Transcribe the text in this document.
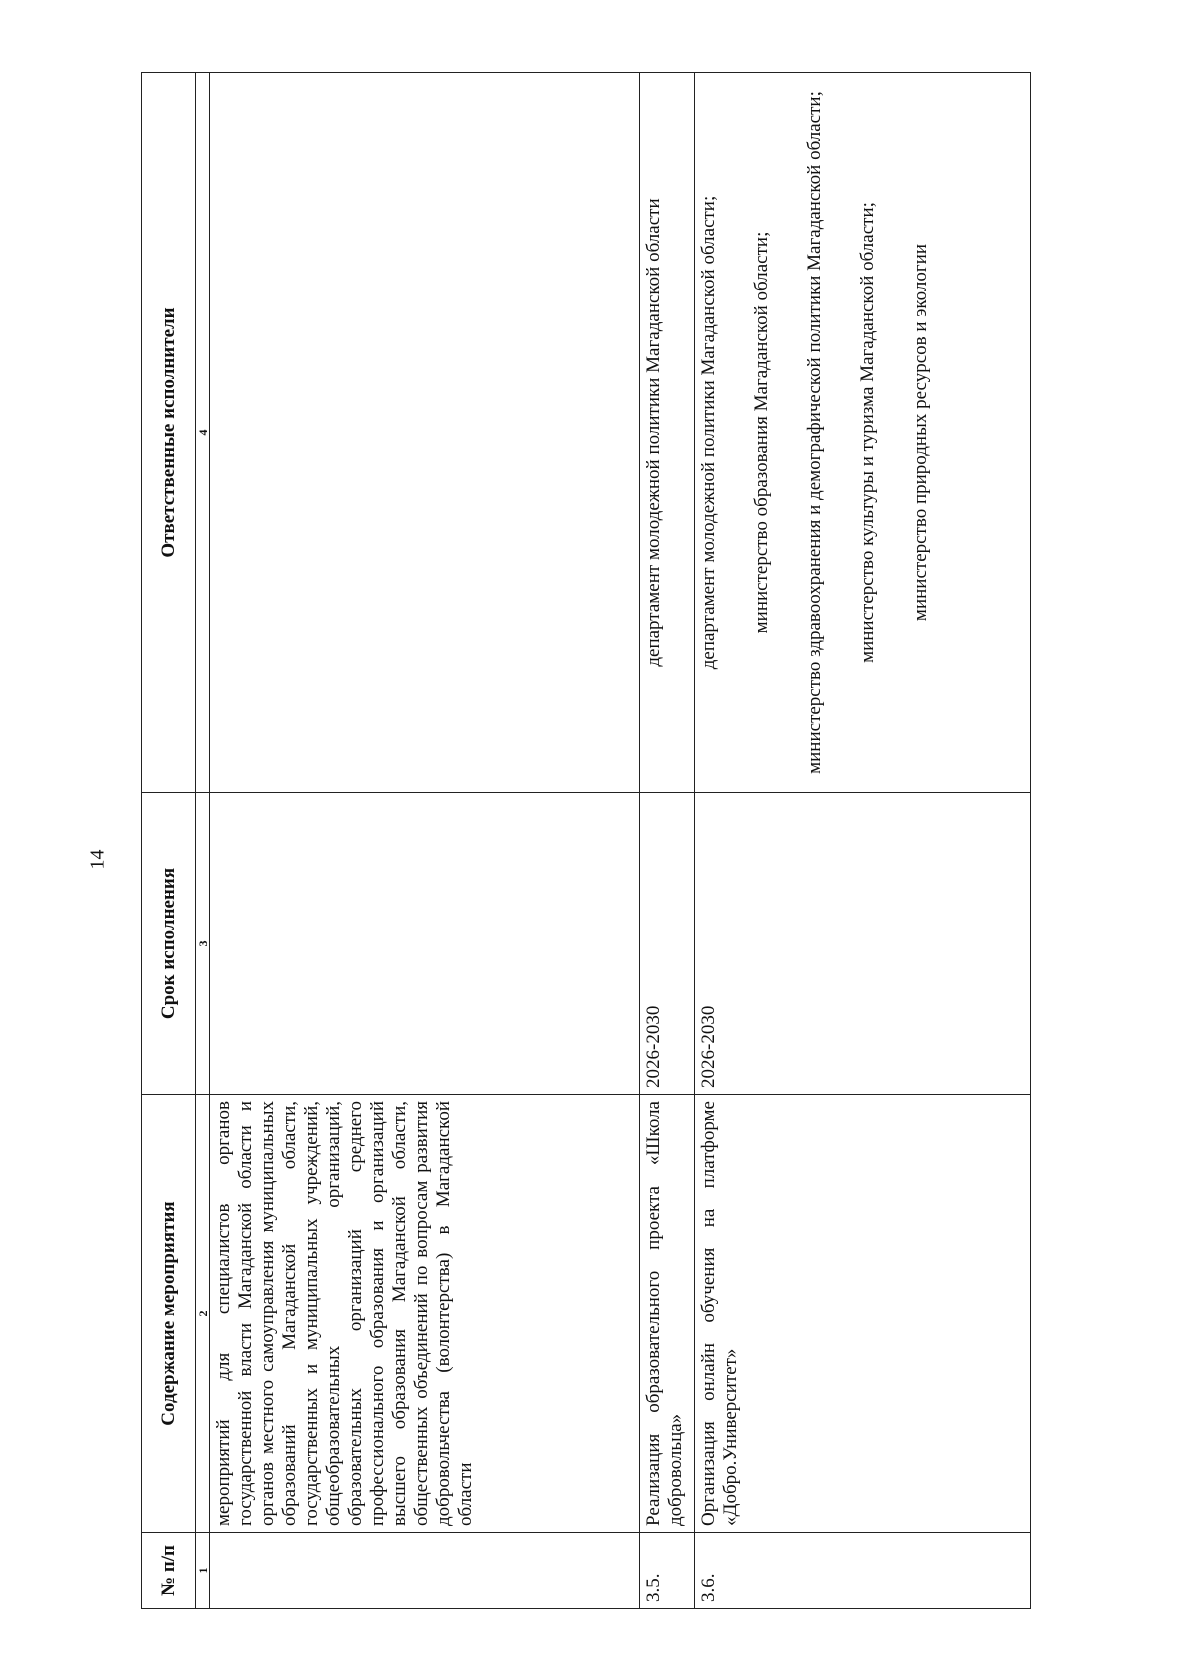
14
№ п/п	Содержание мероприятия	Срок исполнения	Ответственные исполнители
1	2	3	4
	мероприятий для специалистов органов государственной власти Магаданской области и органов местного самоуправления муниципальных образований Магаданской области, государственных и муниципальных учреждений, общеобразовательных организаций, образовательных организаций среднего профессионального образования и организаций высшего образования Магаданской области, общественных объединений по вопросам развития добровольчества (волонтерства) в Магаданской области		
3.5.	Реализация образовательного проекта «Школа добровольца»	2026-2030	департамент молодежной политики Магаданской области

3.6.	Организация онлайн обучения на платформе «Добро.Университет»	2026-2030	департамент молодежной политики Магаданской области; министерство образования Магаданской области; министерство здравоохранения и демографической политики Магаданской области; министерство культуры и туризма Магаданской области; министерство природных ресурсов и экологии
